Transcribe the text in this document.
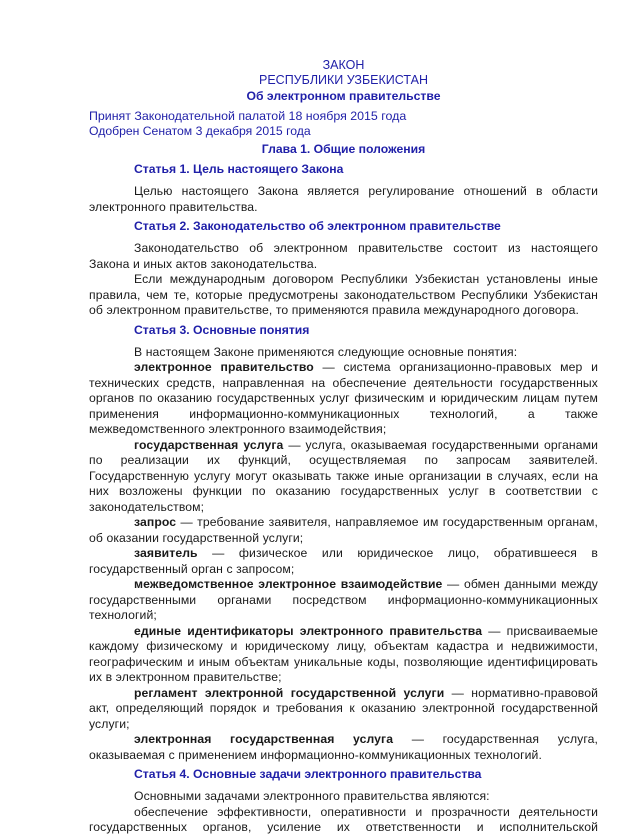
ЗАКОН
РЕСПУБЛИКИ УЗБЕКИСТАН
Об электронном правительстве
Принят Законодательной палатой 18 ноября 2015 года
Одобрен Сенатом 3 декабря 2015 года
Глава 1. Общие положения
Статья 1. Цель настоящего Закона
Целью настоящего Закона является регулирование отношений в области электронного правительства.
Статья 2. Законодательство об электронном правительстве
Законодательство об электронном правительстве состоит из настоящего Закона и иных актов законодательства.
Если международным договором Республики Узбекистан установлены иные правила, чем те, которые предусмотрены законодательством Республики Узбекистан об электронном правительстве, то применяются правила международного договора.
Статья 3. Основные понятия
В настоящем Законе применяются следующие основные понятия:
электронное правительство — система организационно-правовых мер и технических средств, направленная на обеспечение деятельности государственных органов по оказанию государственных услуг физическим и юридическим лицам путем применения информационно-коммуникационных технологий, а также межведомственного электронного взаимодействия;
государственная услуга — услуга, оказываемая государственными органами по реализации их функций, осуществляемая по запросам заявителей. Государственную услугу могут оказывать также иные организации в случаях, если на них возложены функции по оказанию государственных услуг в соответствии с законодательством;
запрос — требование заявителя, направляемое им государственным органам, об оказании государственной услуги;
заявитель — физическое или юридическое лицо, обратившееся в государственный орган с запросом;
межведомственное электронное взаимодействие — обмен данными между государственными органами посредством информационно-коммуникационных технологий;
единые идентификаторы электронного правительства — присваиваемые каждому физическому и юридическому лицу, объектам кадастра и недвижимости, географическим и иным объектам уникальные коды, позволяющие идентифицировать их в электронном правительстве;
регламент электронной государственной услуги — нормативно-правовой акт, определяющий порядок и требования к оказанию электронной государственной услуги;
электронная государственная услуга — государственная услуга, оказываемая с применением информационно-коммуникационных технологий.
Статья 4. Основные задачи электронного правительства
Основными задачами электронного правительства являются:
обеспечение эффективности, оперативности и прозрачности деятельности государственных органов, усиление их ответственности и исполнительской
